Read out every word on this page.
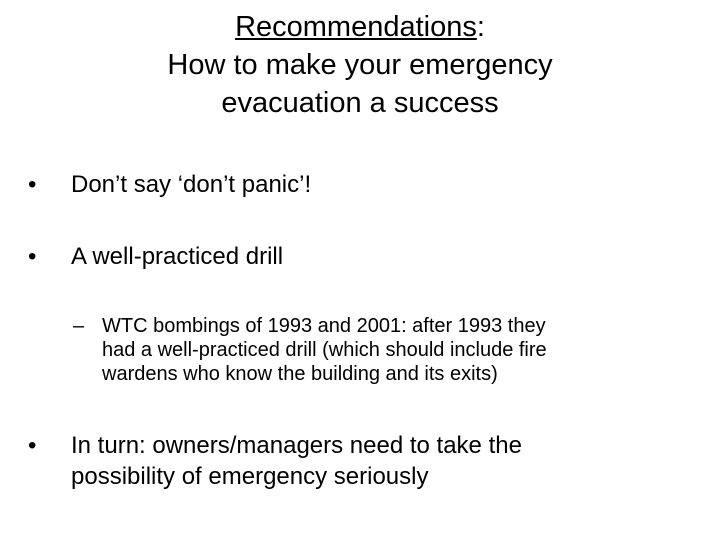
Recommendations:
How to make your emergency
evacuation a success
• Don’t say ‘don’t panic’!
• A well-practiced drill
– WTC bombings of 1993 and 2001: after 1993 they
had a well-practiced drill (which should include fire
wardens who know the building and its exits)
• In turn: owners/managers need to take the
possibility of emergency seriously
